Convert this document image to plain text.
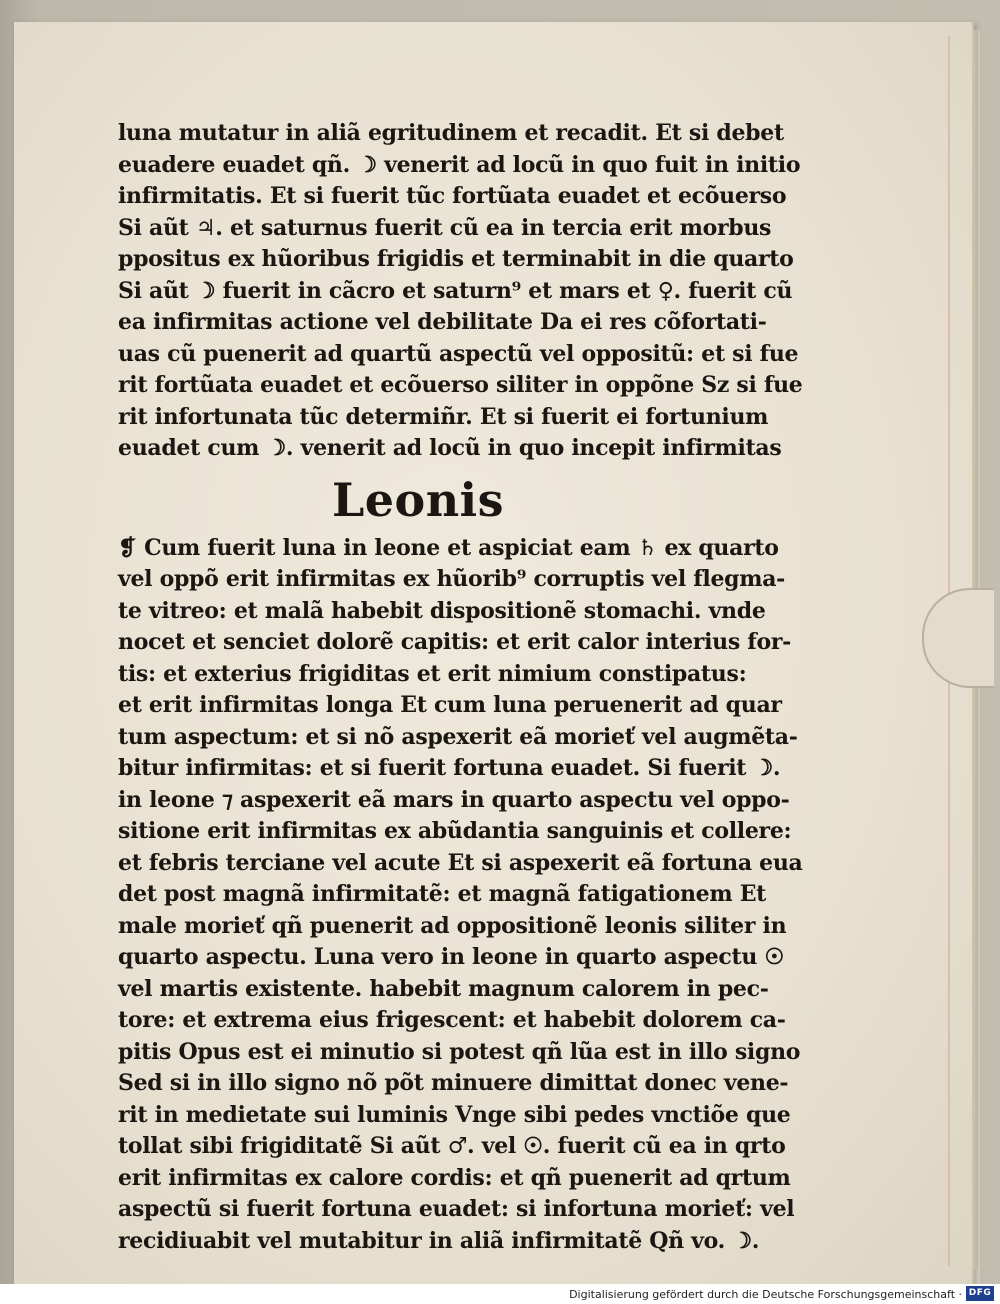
luna mutatur in aliã egritudinem et recadit. Et si debet
euadere euadet qñ. ☽ venerit ad locũ in quo fuit in initio
infirmitatis. Et si fuerit tũc fortũata euadet et ecõuerso
Si aũt ♃. et saturnus fuerit cũ ea in tercia erit morbus
ppositus ex hũoribus frigidis et terminabit in die quarto
Si aũt ☽ fuerit in cãcro et saturn⁹ et mars et ♀. fuerit cũ
ea infirmitas actione vel debilitate Da ei res cõfortati-
uas cũ puenerit ad quartũ aspectũ vel oppositũ: et si fue
rit fortũata euadet et ecõuerso siliter in oppõne Sz si fue
rit infortunata tũc determiñr. Et si fuerit ei fortunium
euadet cum ☽. venerit ad locũ in quo incepit infirmitas
Leonis
❡ Cum fuerit luna in leone et aspiciat eam ♄ ex quarto
vel oppõ erit infirmitas ex hũorib⁹ corruptis vel flegma-
te vitreo: et malã habebit dispositionẽ stomachi. vnde
nocet et senciet dolorẽ capitis: et erit calor interius for-
tis: et exterius frigiditas et erit nimium constipatus:
et erit infirmitas longa Et cum luna peruenerit ad quar
tum aspectum: et si nõ aspexerit eã morieť vel augmẽta-
bitur infirmitas: et si fuerit fortuna euadet. Si fuerit ☽.
in leone ⁊ aspexerit eã mars in quarto aspectu vel oppo-
sitione erit infirmitas ex abũdantia sanguinis et collere:
et febris terciane vel acute Et si aspexerit eã fortuna eua
det post magnã infirmitatẽ: et magnã fatigationem Et
male morieť qñ puenerit ad oppositionẽ leonis siliter in
quarto aspectu. Luna vero in leone in quarto aspectu ☉
vel martis existente. habebit magnum calorem in pec-
tore: et extrema eius frigescent: et habebit dolorem ca-
pitis Opus est ei minutio si potest qñ lũa est in illo signo
Sed si in illo signo nõ põt minuere dimittat donec vene-
rit in medietate sui luminis Vnge sibi pedes vnctiõe que
tollat sibi frigiditatẽ Si aũt ♂. vel ☉. fuerit cũ ea in qrto
erit infirmitas ex calore cordis: et qñ puenerit ad qrtum
aspectũ si fuerit fortuna euadet: si infortuna morieť: vel
recidiuabit vel mutabitur in aliã infirmitatẽ Qñ vo. ☽.
Digitalisierung gefördert durch die Deutsche Forschungsgemeinschaft · DFG
